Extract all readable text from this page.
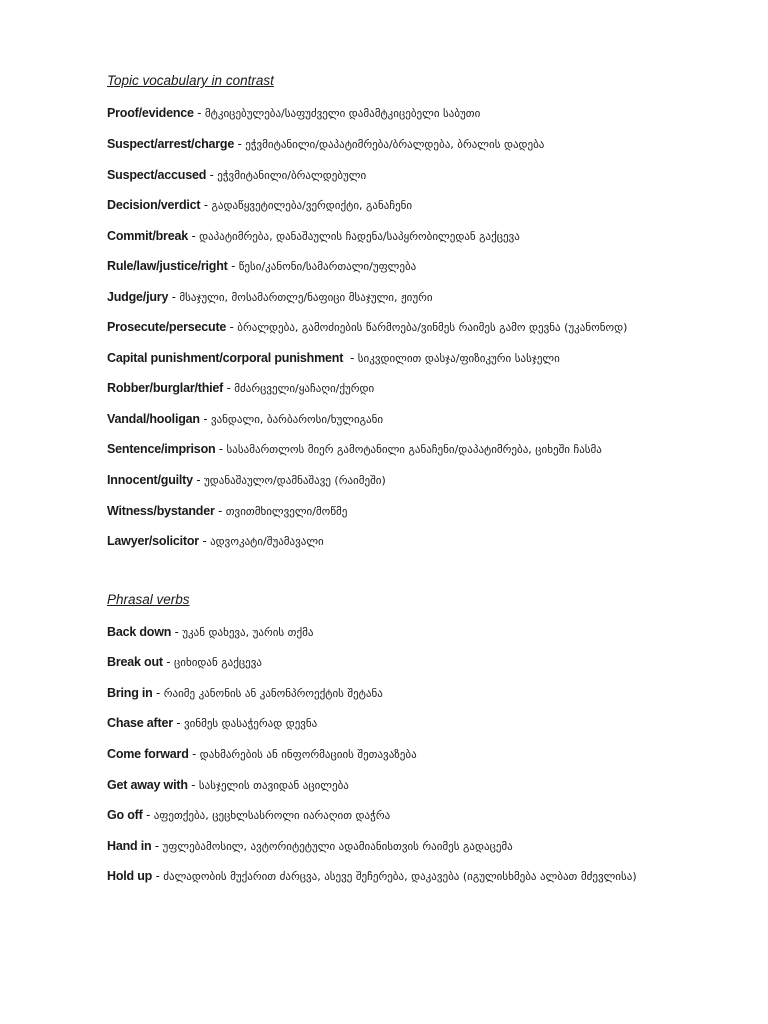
Topic vocabulary in contrast
Proof/evidence - მტკიცებულება/საფუძველი დამამტკიცებელი საბუთი
Suspect/arrest/charge - ეჭვმიტანილი/დაპატიმრება/ბრალდება, ბრალის დადება
Suspect/accused - ეჭვმიტანილი/ბრალდებული
Decision/verdict - გადაწყვეტილება/ვერდიქტი, განაჩენი
Commit/break - დაპატიმრება, დანაშაულის ჩადენა/საპყრობილედან გაქცევა
Rule/law/justice/right - წესი/კანონი/სამართალი/უფლება
Judge/jury - მსაჯული, მოსამართლე/ნაფიცი მსაჯული, ჟიური
Prosecute/persecute - ბრალდება, გამოძიების წარმოება/ვინმეს რაიმეს გამო დევნა (უკანონოდ)
Capital punishment/corporal punishment  - სიკვდილით დასჯა/ფიზიკური სასჯელი
Robber/burglar/thief - მძარცველი/ყაჩაღი/ქურდი
Vandal/hooligan - ვანდალი, ბარბაროსი/ხულიგანი
Sentence/imprison - სასამართლოს მიერ გამოტანილი განაჩენი/დაპატიმრება, ციხეში ჩასმა
Innocent/guilty - უდანაშაულო/დამნაშავე (რაიმეში)
Witness/bystander - თვითმხილველი/მოწმე
Lawyer/solicitor - ადვოკატი/შუამავალი
Phrasal verbs
Back down - უკან დახევა, უარის თქმა
Break out - ციხიდან გაქცევა
Bring in - რაიმე კანონის ან კანონპროექტის შეტანა
Chase after - ვინმეს დასაჭერად დევნა
Come forward - დახმარების ან ინფორმაციის შეთავაზება
Get away with - სასჯელის თავიდან აცილება
Go off - აფეთქება, ცეცხლსასროლი იარაღით დაჭრა
Hand in - უფლებამოსილ, ავტორიტეტული ადამიანისთვის რაიმეს გადაცემა
Hold up - ძალადობის მუქარით ძარცვა, ასევე შეჩერება, დაკავება (იგულისხმება ალბათ მძევლისა)
